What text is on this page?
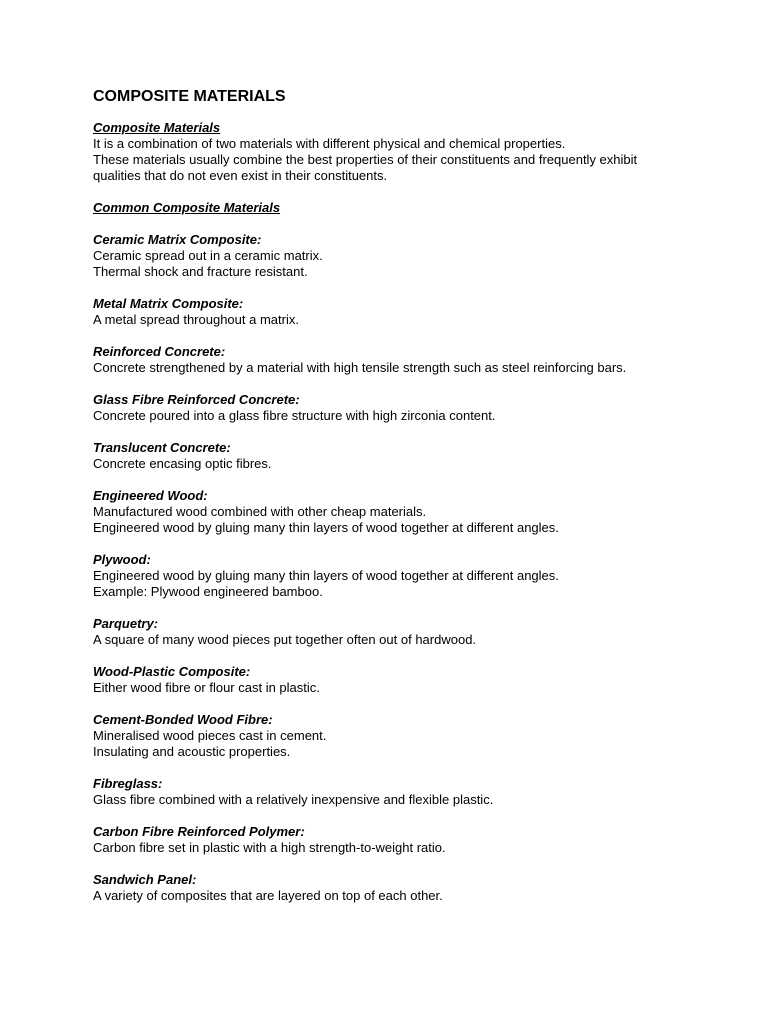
COMPOSITE MATERIALS
Composite Materials
It is a combination of two materials with different physical and chemical properties.
These materials usually combine the best properties of their constituents and frequently exhibit
qualities that do not even exist in their constituents.
Common Composite Materials
Ceramic Matrix Composite:
Ceramic spread out in a ceramic matrix.
Thermal shock and fracture resistant.
Metal Matrix Composite:
A metal spread throughout a matrix.
Reinforced Concrete:
Concrete strengthened by a material with high tensile strength such as steel reinforcing bars.
Glass Fibre Reinforced Concrete:
Concrete poured into a glass fibre structure with high zirconia content.
Translucent Concrete:
Concrete encasing optic fibres.
Engineered Wood:
Manufactured wood combined with other cheap materials.
Engineered wood by gluing many thin layers of wood together at different angles.
Plywood:
Engineered wood by gluing many thin layers of wood together at different angles.
Example: Plywood engineered bamboo.
Parquetry:
A square of many wood pieces put together often out of hardwood.
Wood-Plastic Composite:
Either wood fibre or flour cast in plastic.
Cement-Bonded Wood Fibre:
Mineralised wood pieces cast in cement.
Insulating and acoustic properties.
Fibreglass:
Glass fibre combined with a relatively inexpensive and flexible plastic.
Carbon Fibre Reinforced Polymer:
Carbon fibre set in plastic with a high strength-to-weight ratio.
Sandwich Panel:
A variety of composites that are layered on top of each other.
